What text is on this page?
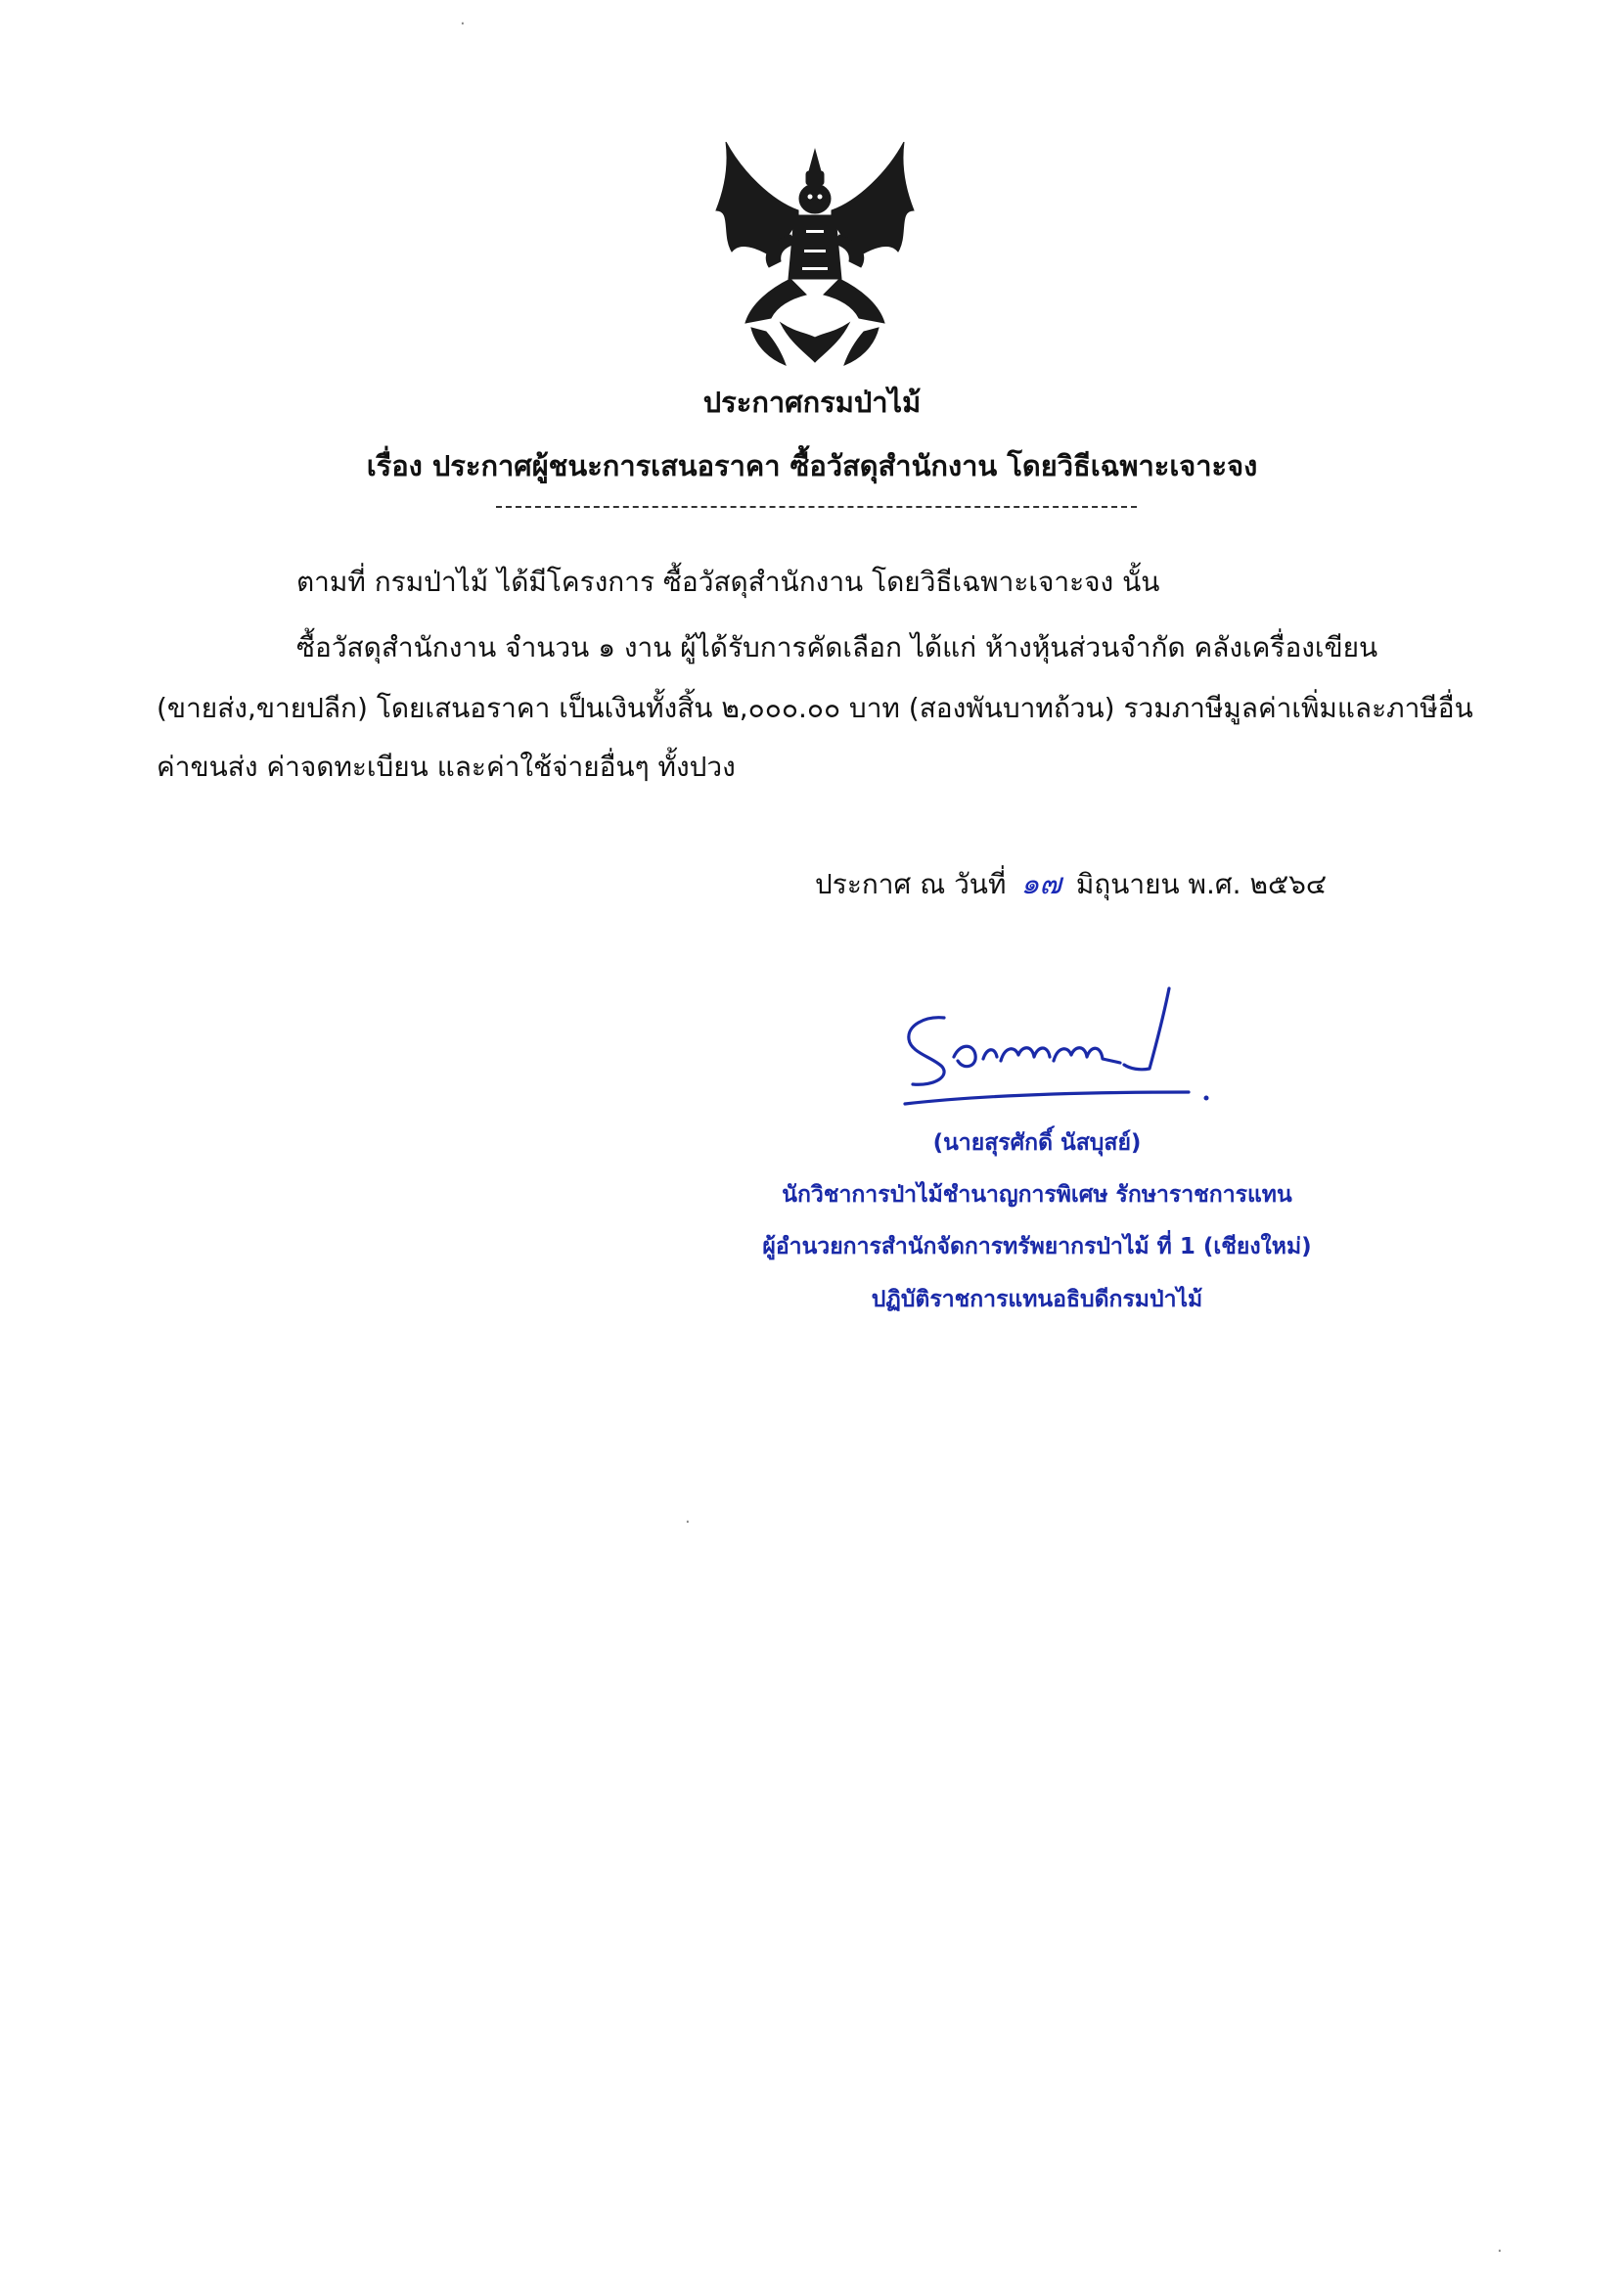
ประกาศกรมป่าไม้
เรื่อง ประกาศผู้ชนะการเสนอราคา ซื้อวัสดุสำนักงาน โดยวิธีเฉพาะเจาะจง
ตามที่ กรมป่าไม้ ได้มีโครงการ ซื้อวัสดุสำนักงาน โดยวิธีเฉพาะเจาะจง นั้น
ซื้อวัสดุสำนักงาน จำนวน ๑ งาน ผู้ได้รับการคัดเลือก ได้แก่ ห้างหุ้นส่วนจำกัด คลังเครื่องเขียน
(ขายส่ง,ขายปลีก) โดยเสนอราคา เป็นเงินทั้งสิ้น ๒,๐๐๐.๐๐ บาท (สองพันบาทถ้วน) รวมภาษีมูลค่าเพิ่มและภาษีอื่น
ค่าขนส่ง ค่าจดทะเบียน และค่าใช้จ่ายอื่นๆ ทั้งปวง
ประกาศ ณ วันที่ ๑๗ มิถุนายน พ.ศ. ๒๕๖๔
(นายสุรศักดิ์ นัสบุสย์)
นักวิชาการป่าไม้ชำนาญการพิเศษ รักษาราชการแทน
ผู้อำนวยการสำนักจัดการทรัพยากรป่าไม้ ที่ 1 (เชียงใหม่)
ปฏิบัติราชการแทนอธิบดีกรมป่าไม้
·
·
·
